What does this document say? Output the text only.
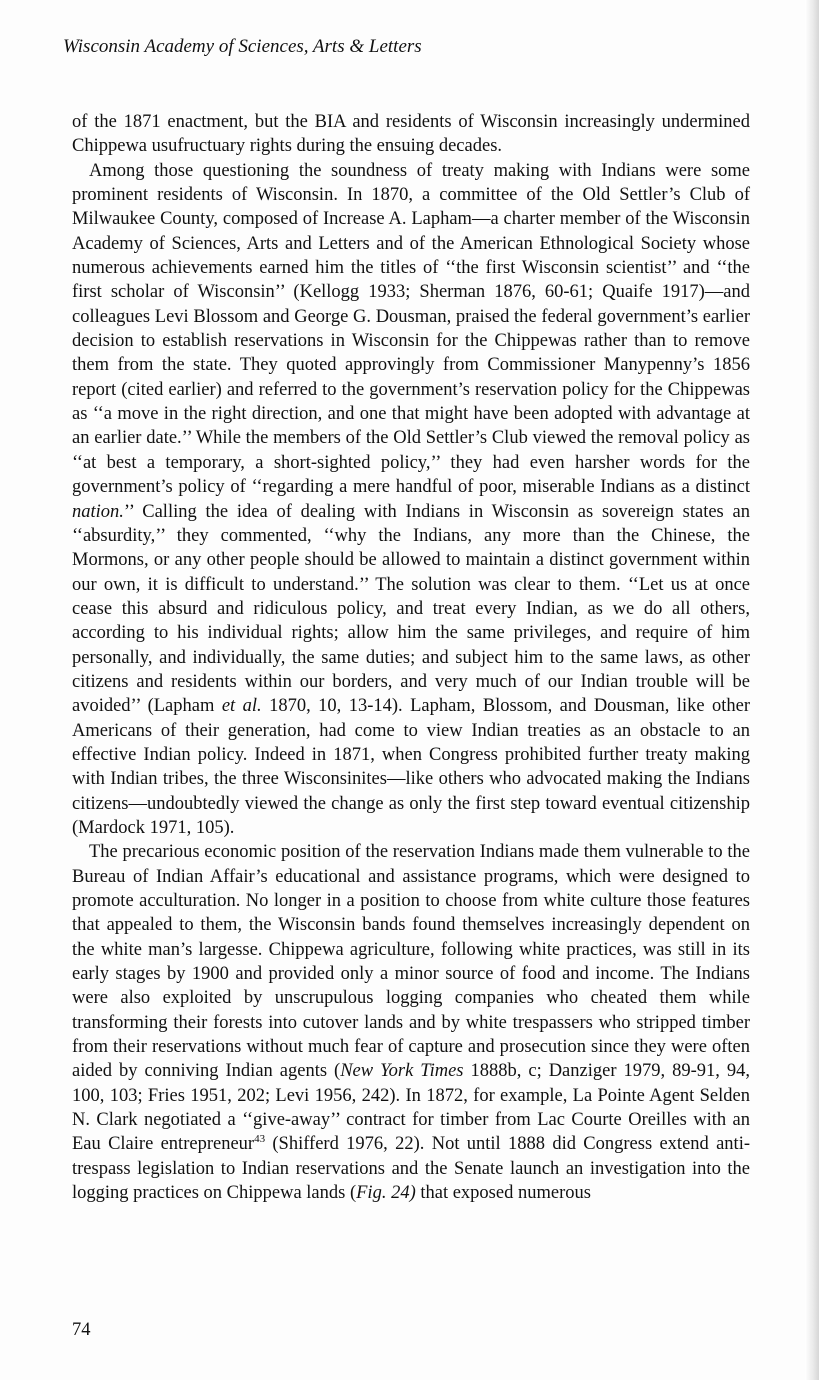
Wisconsin Academy of Sciences, Arts & Letters

of the 1871 enactment, but the BIA and residents of Wisconsin increasingly undermined Chippewa usufructuary rights during the ensuing decades.

Among those questioning the soundness of treaty making with Indians were some prominent residents of Wisconsin. In 1870, a committee of the Old Settler’s Club of Milwaukee County, composed of Increase A. Lapham—a charter member of the Wisconsin Academy of Sciences, Arts and Letters and of the American Ethnological Society whose numerous achievements earned him the titles of ‘‘the first Wisconsin scientist’’ and ‘‘the first scholar of Wisconsin’’ (Kellogg 1933; Sherman 1876, 60-61; Quaife 1917)—and colleagues Levi Blossom and George G. Dousman, praised the federal government’s earlier decision to establish reservations in Wisconsin for the Chippewas rather than to remove them from the state. They quoted approvingly from Commissioner Manypenny’s 1856 report (cited earlier) and referred to the government’s reservation policy for the Chippewas as ‘‘a move in the right direction, and one that might have been adopted with advantage at an earlier date.’’ While the members of the Old Settler’s Club viewed the removal policy as ‘‘at best a temporary, a short-sighted policy,’’ they had even harsher words for the government’s policy of ‘‘regarding a mere handful of poor, miserable Indians as a distinct nation.’’ Calling the idea of dealing with Indians in Wisconsin as sovereign states an ‘‘absurdity,’’ they commented, ‘‘why the Indians, any more than the Chinese, the Mormons, or any other people should be allowed to maintain a distinct government within our own, it is difficult to understand.’’ The solution was clear to them. ‘‘Let us at once cease this absurd and ridiculous policy, and treat every Indian, as we do all others, according to his individual rights; allow him the same privileges, and require of him personally, and individually, the same duties; and subject him to the same laws, as other citizens and residents within our borders, and very much of our Indian trouble will be avoided’’ (Lapham et al. 1870, 10, 13-14). Lapham, Blossom, and Dousman, like other Americans of their generation, had come to view Indian treaties as an obstacle to an effective Indian policy. Indeed in 1871, when Congress prohibited further treaty making with Indian tribes, the three Wisconsinites—like others who advocated making the Indians citizens—undoubtedly viewed the change as only the first step toward eventual citizenship (Mardock 1971, 105).

The precarious economic position of the reservation Indians made them vulnerable to the Bureau of Indian Affair’s educational and assistance programs, which were designed to promote acculturation. No longer in a position to choose from white culture those features that appealed to them, the Wisconsin bands found themselves increasingly dependent on the white man’s largesse. Chippewa agriculture, following white practices, was still in its early stages by 1900 and provided only a minor source of food and income. The Indians were also exploited by unscrupulous logging companies who cheated them while transforming their forests into cutover lands and by white trespassers who stripped timber from their reservations without much fear of capture and prosecution since they were often aided by conniving Indian agents (New York Times 1888b, c; Danziger 1979, 89-91, 94, 100, 103; Fries 1951, 202; Levi 1956, 242). In 1872, for example, La Pointe Agent Selden N. Clark negotiated a ‘‘give-away’’ contract for timber from Lac Courte Oreilles with an Eau Claire entrepreneur$^{43}$ (Shifferd 1976, 22). Not until 1888 did Congress extend anti-trespass legislation to Indian reservations and the Senate launch an investigation into the logging practices on Chippewa lands (Fig. 24) that exposed numerous

74
